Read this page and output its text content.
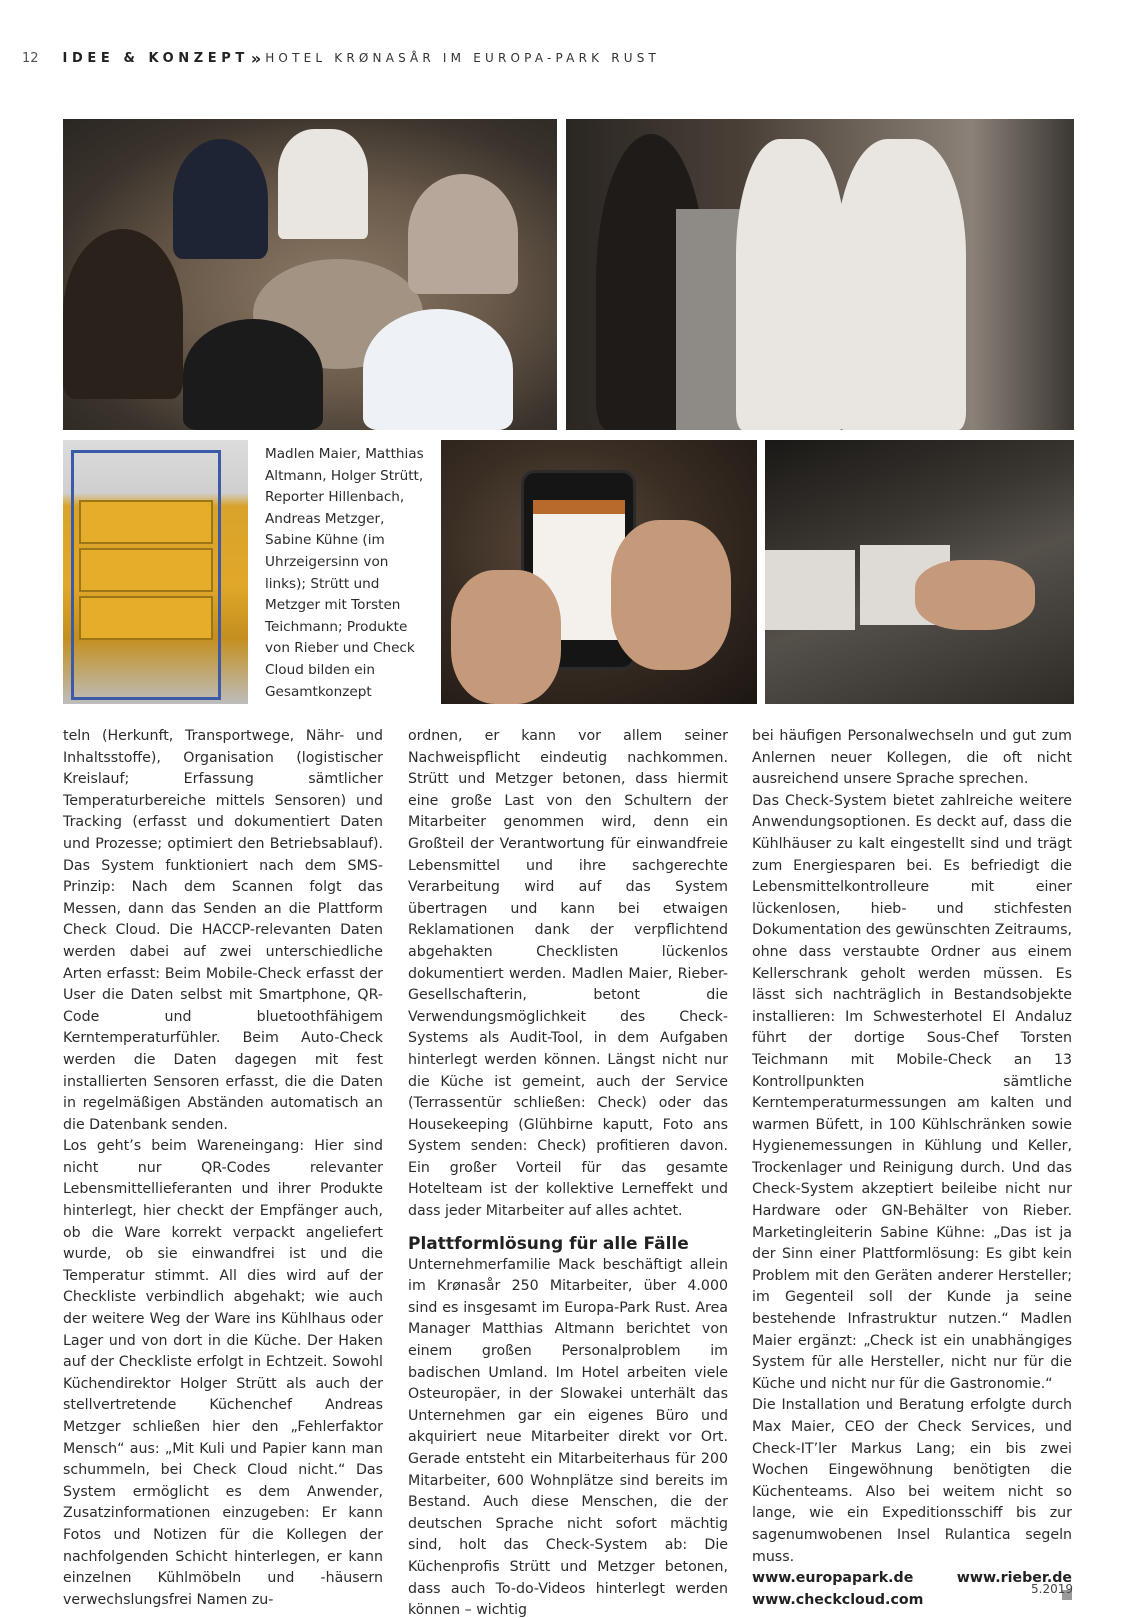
12 IDEE & KONZEPT » HOTEL KRØNASÅR IM EUROPA-PARK RUST
Madlen Maier, Matthias Altmann, Holger Strütt, Reporter Hillenbach, Andreas Metzger, Sabine Kühne (im Uhrzeigersinn von links); Strütt und Metzger mit Torsten Teichmann; Produkte von Rieber und Check Cloud bilden ein Gesamtkonzept

teln (Herkunft, Transportwege, Nähr- und Inhaltsstoffe), Organisation (logistischer Kreislauf; Erfassung sämtlicher Temperaturbereiche mittels Sensoren) und Tracking (erfasst und dokumentiert Daten und Prozesse; optimiert den Betriebsablauf). Das System funktioniert nach dem SMS-Prinzip: Nach dem Scannen folgt das Messen, dann das Senden an die Plattform Check Cloud. Die HACCP-relevanten Daten werden dabei auf zwei unterschiedliche Arten erfasst: Beim Mobile-Check erfasst der User die Daten selbst mit Smartphone, QR-Code und bluetoothfähigem Kerntemperaturfühler. Beim Auto-Check werden die Daten dagegen mit fest installierten Sensoren erfasst, die die Daten in regelmäßigen Abständen automatisch an die Datenbank senden.

Los geht’s beim Wareneingang: Hier sind nicht nur QR-Codes relevanter Lebensmittellieferanten und ihrer Produkte hinterlegt, hier checkt der Empfänger auch, ob die Ware korrekt verpackt angeliefert wurde, ob sie einwandfrei ist und die Temperatur stimmt. All dies wird auf der Checkliste verbindlich abgehakt; wie auch der weitere Weg der Ware ins Kühlhaus oder Lager und von dort in die Küche. Der Haken auf der Checkliste erfolgt in Echtzeit. Sowohl Küchendirektor Holger Strütt als auch der stellvertretende Küchenchef Andreas Metzger schließen hier den „Fehlerfaktor Mensch“ aus: „Mit Kuli und Papier kann man schummeln, bei Check Cloud nicht.“ Das System ermöglicht es dem Anwender, Zusatzinformationen einzugeben: Er kann Fotos und Notizen für die Kollegen der nachfolgenden Schicht hinterlegen, er kann einzelnen Kühlmöbeln und -häusern verwechslungsfrei Namen zu-

ordnen, er kann vor allem seiner Nachweispflicht eindeutig nachkommen. Strütt und Metzger betonen, dass hiermit eine große Last von den Schultern der Mitarbeiter genommen wird, denn ein Großteil der Verantwortung für einwandfreie Lebensmittel und ihre sachgerechte Verarbeitung wird auf das System übertragen und kann bei etwaigen Reklamationen dank der verpflichtend abgehakten Checklisten lückenlos dokumentiert werden. Madlen Maier, Rieber-Gesellschafterin, betont die Verwendungsmöglichkeit des Check-Systems als Audit-Tool, in dem Aufgaben hinterlegt werden können. Längst nicht nur die Küche ist gemeint, auch der Service (Terrassentür schließen: Check) oder das Housekeeping (Glühbirne kaputt, Foto ans System senden: Check) profitieren davon. Ein großer Vorteil für das gesamte Hotelteam ist der kollektive Lerneffekt und dass jeder Mitarbeiter auf alles achtet.

Plattformlösung für alle Fälle

Unternehmerfamilie Mack beschäftigt allein im Krønasår 250 Mitarbeiter, über 4.000 sind es insgesamt im Europa-Park Rust. Area Manager Matthias Altmann berichtet von einem großen Personalproblem im badischen Umland. Im Hotel arbeiten viele Osteuropäer, in der Slowakei unterhält das Unternehmen gar ein eigenes Büro und akquiriert neue Mitarbeiter direkt vor Ort. Gerade entsteht ein Mitarbeiterhaus für 200 Mitarbeiter, 600 Wohnplätze sind bereits im Bestand. Auch diese Menschen, die der deutschen Sprache nicht sofort mächtig sind, holt das Check-System ab: Die Küchenprofis Strütt und Metzger betonen, dass auch To-do-Videos hinterlegt werden können – wichtig

bei häufigen Personalwechseln und gut zum Anlernen neuer Kollegen, die oft nicht ausreichend unsere Sprache sprechen.

Das Check-System bietet zahlreiche weitere Anwendungsoptionen. Es deckt auf, dass die Kühlhäuser zu kalt eingestellt sind und trägt zum Energiesparen bei. Es befriedigt die Lebensmittelkontrolleure mit einer lückenlosen, hieb- und stichfesten Dokumentation des gewünschten Zeitraums, ohne dass verstaubte Ordner aus einem Kellerschrank geholt werden müssen. Es lässt sich nachträglich in Bestandsobjekte installieren: Im Schwesterhotel El Andaluz führt der dortige Sous-Chef Torsten Teichmann mit Mobile-Check an 13 Kontrollpunkten sämtliche Kerntemperaturmessungen am kalten und warmen Büfett, in 100 Kühlschränken sowie Hygienemessungen in Kühlung und Keller, Trockenlager und Reinigung durch. Und das Check-System akzeptiert beileibe nicht nur Hardware oder GN-Behälter von Rieber. Marketingleiterin Sabine Kühne: „Das ist ja der Sinn einer Plattformlösung: Es gibt kein Problem mit den Geräten anderer Hersteller; im Gegenteil soll der Kunde ja seine bestehende Infrastruktur nutzen.“ Madlen Maier ergänzt: „Check ist ein unabhängiges System für alle Hersteller, nicht nur für die Küche und nicht nur für die Gastronomie.“

Die Installation und Beratung erfolgte durch Max Maier, CEO der Check Services, und Check-IT’ler Markus Lang; ein bis zwei Wochen Eingewöhnung benötigten die Küchenteams. Also bei weitem nicht so lange, wie ein Expeditionsschiff bis zur sagenumwobenen Insel Rulantica segeln muss.

www.europapark.de	www.rieber.de
www.checkcloud.com
5.2019
